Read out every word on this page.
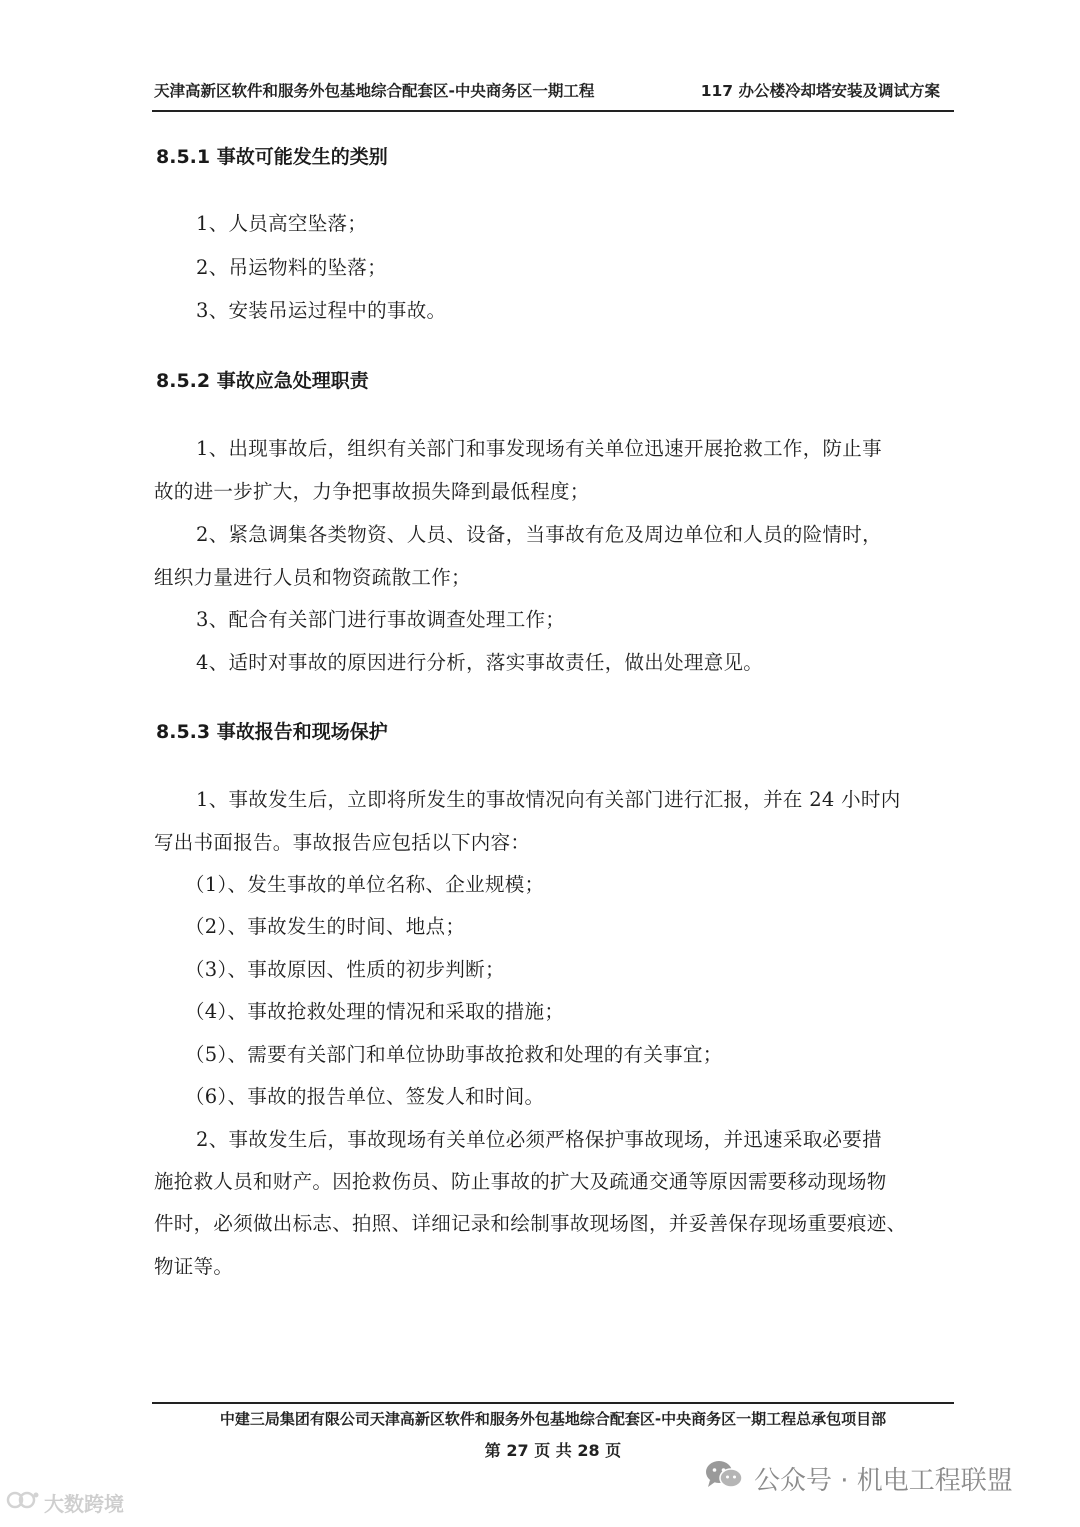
天津高新区软件和服务外包基地综合配套区-中央商务区一期工程	117 办公楼冷却塔安装及调试方案
8.5.1 事故可能发生的类别
1、人员高空坠落；
2、吊运物料的坠落；
3、安装吊运过程中的事故。
8.5.2 事故应急处理职责
1、出现事故后，组织有关部门和事发现场有关单位迅速开展抢救工作，防止事
故的进一步扩大，力争把事故损失降到最低程度；
2、紧急调集各类物资、人员、设备，当事故有危及周边单位和人员的险情时，
组织力量进行人员和物资疏散工作；
3、配合有关部门进行事故调查处理工作；
4、适时对事故的原因进行分析，落实事故责任，做出处理意见。
8.5.3 事故报告和现场保护
1、事故发生后，立即将所发生的事故情况向有关部门进行汇报，并在 24 小时内
写出书面报告。事故报告应包括以下内容：
（1）、发生事故的单位名称、企业规模；
（2）、事故发生的时间、地点；
（3）、事故原因、性质的初步判断；
（4）、事故抢救处理的情况和采取的措施；
（5）、需要有关部门和单位协助事故抢救和处理的有关事宜；
（6）、事故的报告单位、签发人和时间。
2、事故发生后，事故现场有关单位必须严格保护事故现场，并迅速采取必要措
施抢救人员和财产。因抢救伤员、防止事故的扩大及疏通交通等原因需要移动现场物
件时，必须做出标志、拍照、详细记录和绘制事故现场图，并妥善保存现场重要痕迹、
物证等。
中建三局集团有限公司天津高新区软件和服务外包基地综合配套区-中央商务区一期工程总承包项目部
第 27 页 共 28 页
大数跨境
公众号 · 机电工程联盟
